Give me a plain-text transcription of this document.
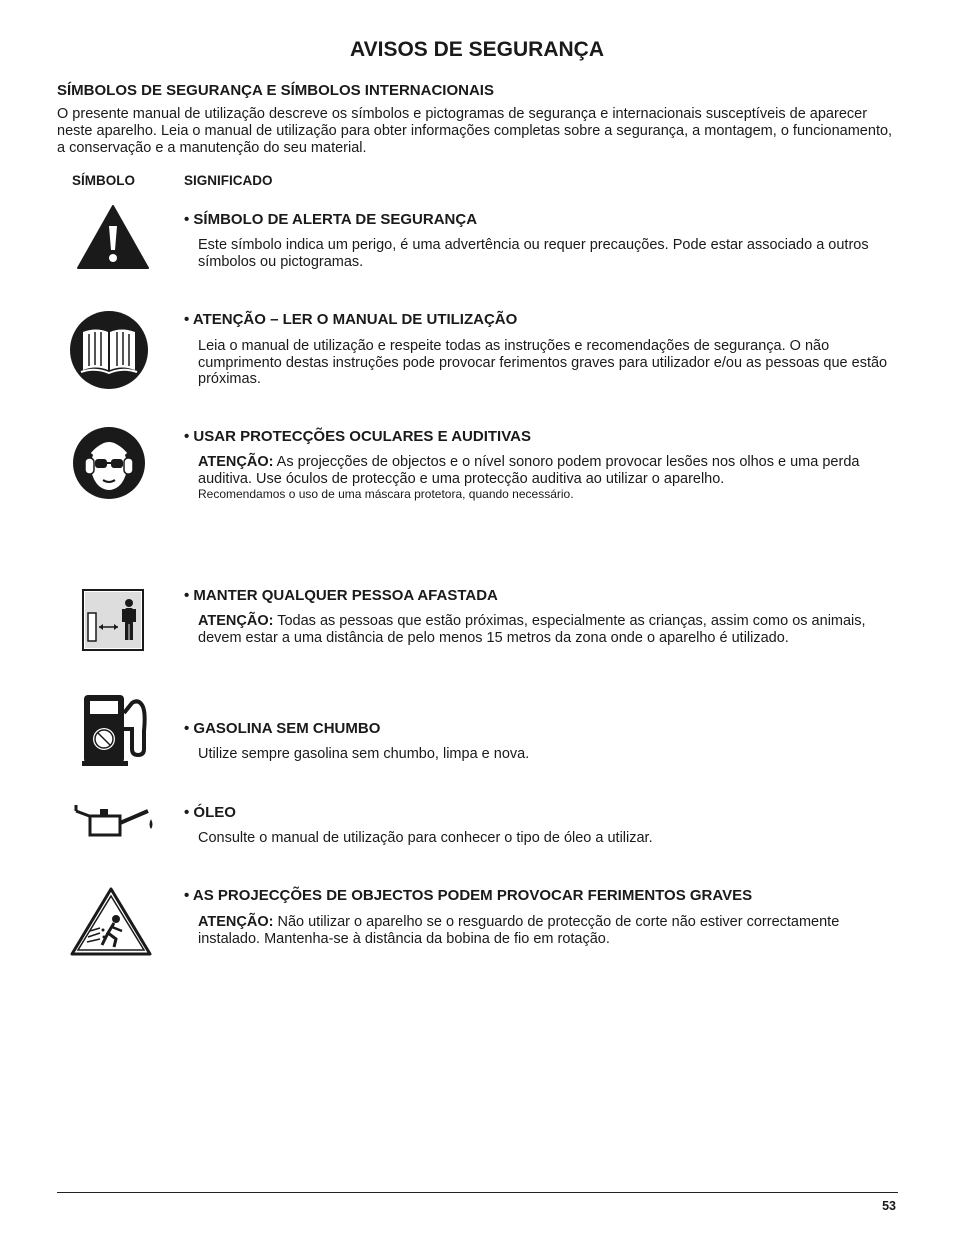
AVISOS DE SEGURANÇA
SÍMBOLOS DE SEGURANÇA E SÍMBOLOS INTERNACIONAIS

O presente manual de utilização descreve os símbolos e pictogramas de segurança e internacionais susceptíveis de aparecer neste aparelho. Leia o manual de utilização para obter informações completas sobre a segurança, a montagem, o funcionamento, a conservação e a manutenção do seu material.

SÍMBOLO	SIGNIFICADO
• SÍMBOLO DE ALERTA DE SEGURANÇA
Este símbolo indica um perigo, é uma advertência ou requer precauções. Pode estar associado a outros símbolos ou pictogramas.
• ATENÇÃO – LER O MANUAL DE UTILIZAÇÃO
Leia o manual de utilização e respeite todas as instruções e recomendações de segurança. O não cumprimento destas instruções pode provocar ferimentos graves para utilizador e/ou as pessoas que estão próximas.
• USAR PROTECÇÕES OCULARES E AUDITIVAS
ATENÇÃO: As projecções de objectos e o nível sonoro podem provocar lesões nos olhos e uma perda auditiva. Use óculos de protecção e uma protecção auditiva ao utilizar o aparelho.
Recomendamos o uso de uma máscara protetora, quando necessário.
• MANTER QUALQUER PESSOA AFASTADA
ATENÇÃO: Todas as pessoas que estão próximas, especialmente as crianças, assim como os animais, devem estar a uma distância de pelo menos 15 metros da zona onde o aparelho é utilizado.
• GASOLINA SEM CHUMBO
Utilize sempre gasolina sem chumbo, limpa e nova.
• ÓLEO
Consulte o manual de utilização para conhecer o tipo de óleo a utilizar.
• AS PROJECÇÕES DE OBJECTOS PODEM PROVOCAR FERIMENTOS GRAVES
ATENÇÃO: Não utilizar o aparelho se o resguardo de protecção de corte não estiver correctamente instalado. Mantenha-se à distância da bobina de fio em rotação.
53
